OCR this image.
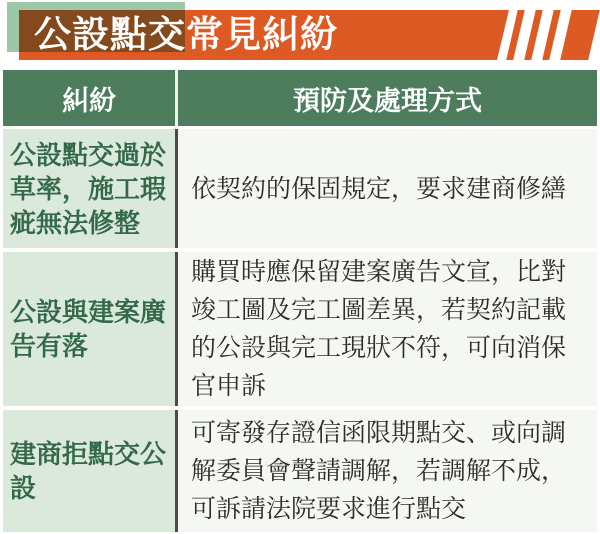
公設點交常見糾紛
糾紛	預防及處理方式
公設點交過於
草率，施工瑕
疵無法修整
依契約的保固規定，要求建商修繕
公設與建案廣
告有落
購買時應保留建案廣告文宣，比對
竣工圖及完工圖差異，若契約記載
的公設與完工現狀不符，可向消保
官申訴
建商拒點交公
設
可寄發存證信函限期點交、或向調
解委員會聲請調解，若調解不成，
可訴請法院要求進行點交
